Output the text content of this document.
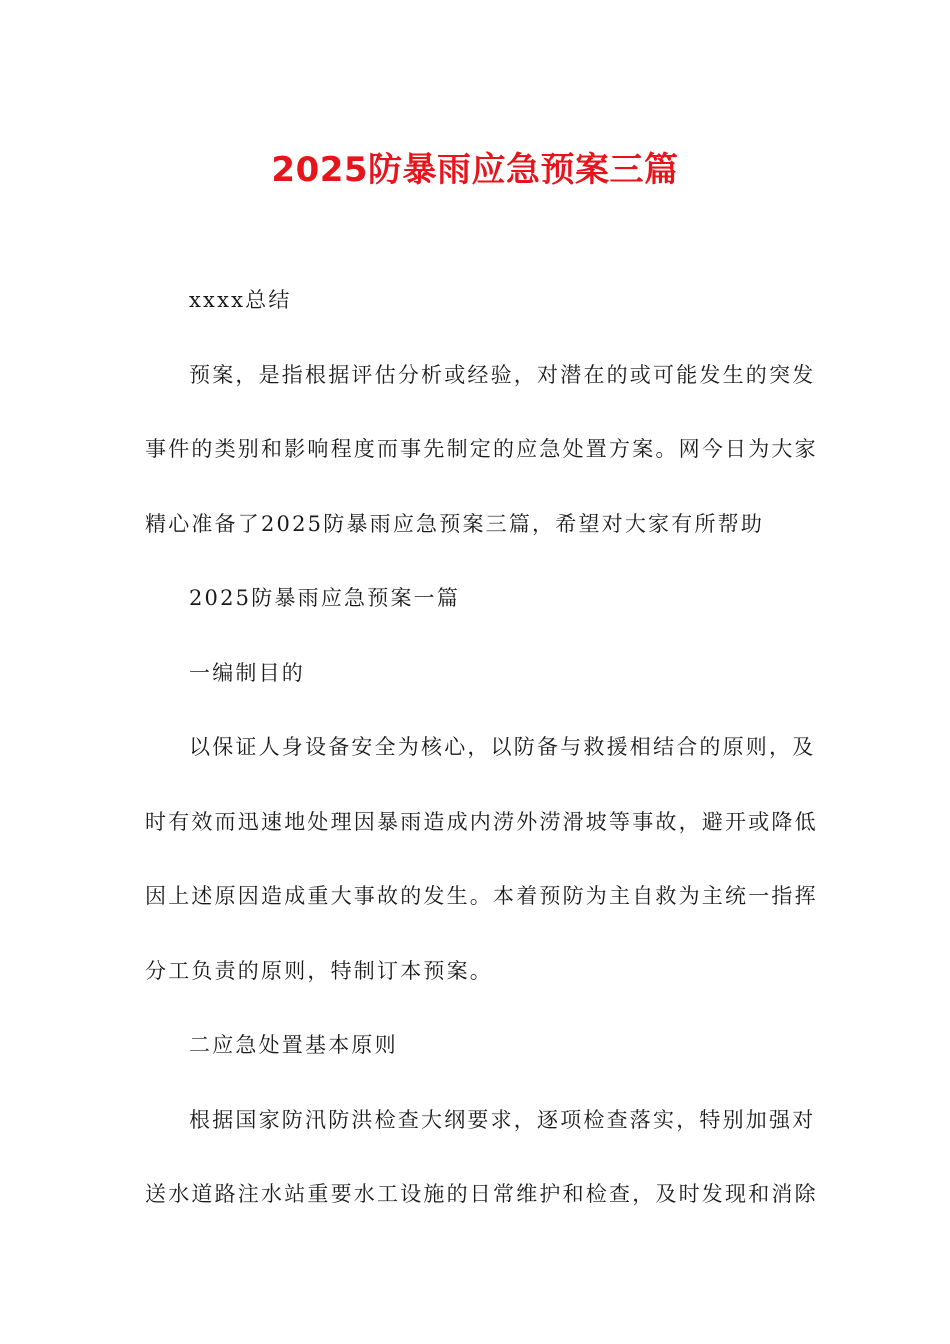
2025防暴雨应急预案三篇
xxxx总结
预案，是指根据评估分析或经验，对潜在的或可能发生的突发
事件的类别和影响程度而事先制定的应急处置方案。网今日为大家
精心准备了2025防暴雨应急预案三篇，希望对大家有所帮助
2025防暴雨应急预案一篇
一编制目的
以保证人身设备安全为核心，以防备与救援相结合的原则，及
时有效而迅速地处理因暴雨造成内涝外涝滑坡等事故，避开或降低
因上述原因造成重大事故的发生。本着预防为主自救为主统一指挥
分工负责的原则，特制订本预案。
二应急处置基本原则
根据国家防汛防洪检查大纲要求，逐项检查落实，特别加强对
送水道路注水站重要水工设施的日常维护和检查，及时发现和消除
